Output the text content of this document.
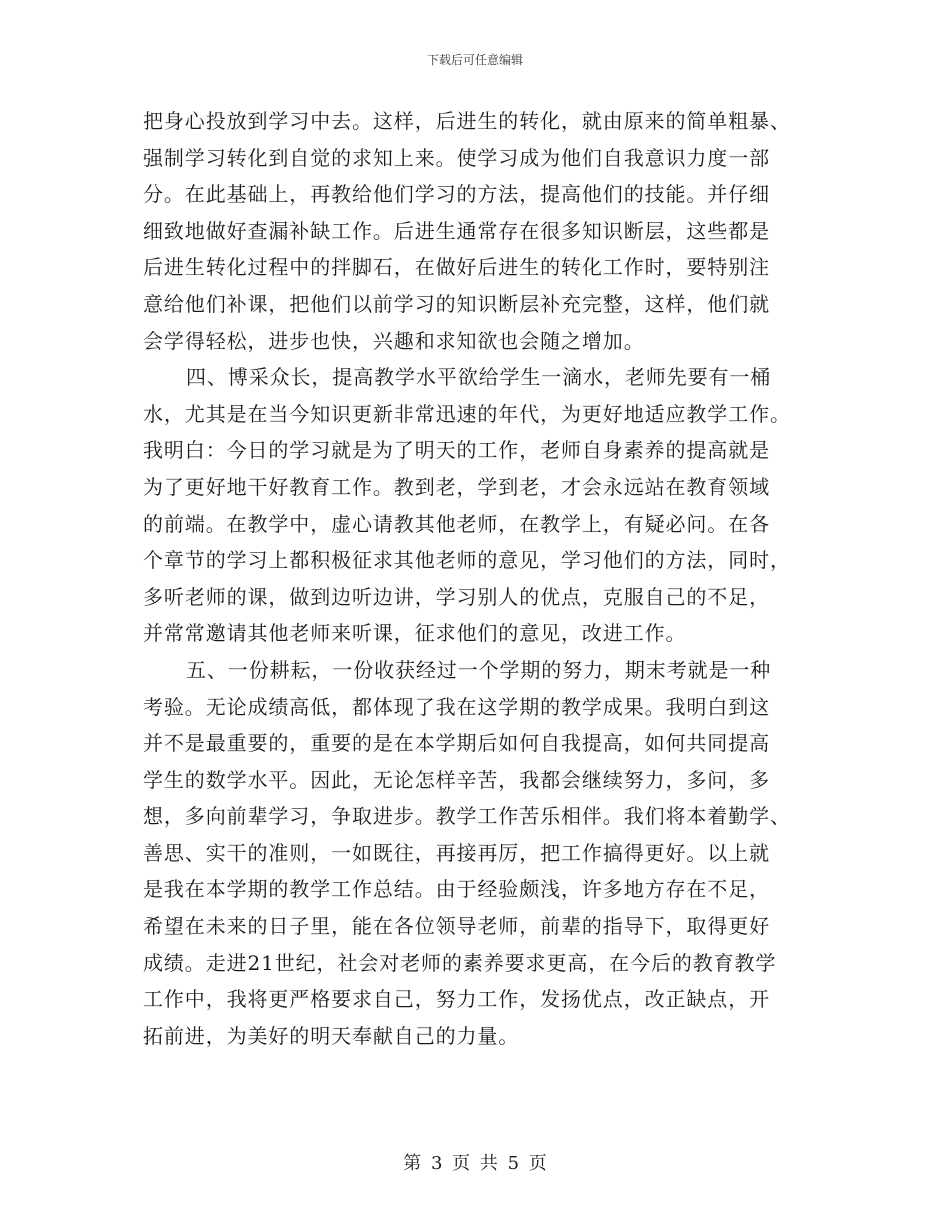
下载后可任意编辑
把身心投放到学习中去。这样，后进生的转化，就由原来的简单粗暴、
强制学习转化到自觉的求知上来。使学习成为他们自我意识力度一部
分。在此基础上，再教给他们学习的方法，提高他们的技能。并仔细
细致地做好查漏补缺工作。后进生通常存在很多知识断层，这些都是
后进生转化过程中的拌脚石，在做好后进生的转化工作时，要特别注
意给他们补课，把他们以前学习的知识断层补充完整，这样，他们就
会学得轻松，进步也快，兴趣和求知欲也会随之增加。
四、博采众长，提高教学水平欲给学生一滴水，老师先要有一桶
水，尤其是在当今知识更新非常迅速的年代，为更好地适应教学工作。
我明白：今日的学习就是为了明天的工作，老师自身素养的提高就是
为了更好地干好教育工作。教到老，学到老，才会永远站在教育领域
的前端。在教学中，虚心请教其他老师，在教学上，有疑必问。在各
个章节的学习上都积极征求其他老师的意见，学习他们的方法，同时，
多听老师的课，做到边听边讲，学习别人的优点，克服自己的不足，
并常常邀请其他老师来听课，征求他们的意见，改进工作。
五、一份耕耘，一份收获经过一个学期的努力，期末考就是一种
考验。无论成绩高低，都体现了我在这学期的教学成果。我明白到这
并不是最重要的，重要的是在本学期后如何自我提高，如何共同提高
学生的数学水平。因此，无论怎样辛苦，我都会继续努力，多问，多
想，多向前辈学习，争取进步。教学工作苦乐相伴。我们将本着勤学、
善思、实干的准则，一如既往，再接再厉，把工作搞得更好。以上就
是我在本学期的教学工作总结。由于经验颇浅，许多地方存在不足，
希望在未来的日子里，能在各位领导老师，前辈的指导下，取得更好
成绩。走进21世纪，社会对老师的素养要求更高，在今后的教育教学
工作中，我将更严格要求自己，努力工作，发扬优点，改正缺点，开
拓前进，为美好的明天奉献自己的力量。
第 3 页 共 5 页
